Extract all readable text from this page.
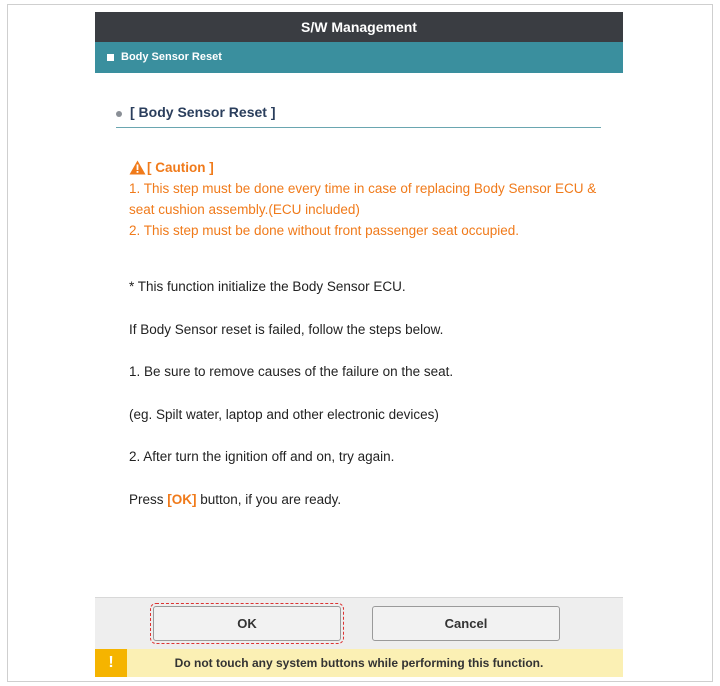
S/W Management
Body Sensor Reset
[ Body Sensor Reset ]
[ Caution ]
1. This step must be done every time in case of replacing Body Sensor ECU &
seat cushion assembly.(ECU included)
2. This step must be done without front passenger seat occupied.

* This function initialize the Body Sensor ECU.

If Body Sensor reset is failed, follow the steps below.

1. Be sure to remove causes of the failure on the seat.

(eg. Spilt water, laptop and other electronic devices)

2. After turn the ignition off and on, try again.

Press [OK] button, if you are ready.

OK	Cancel
!	Do not touch any system buttons while performing this function.
